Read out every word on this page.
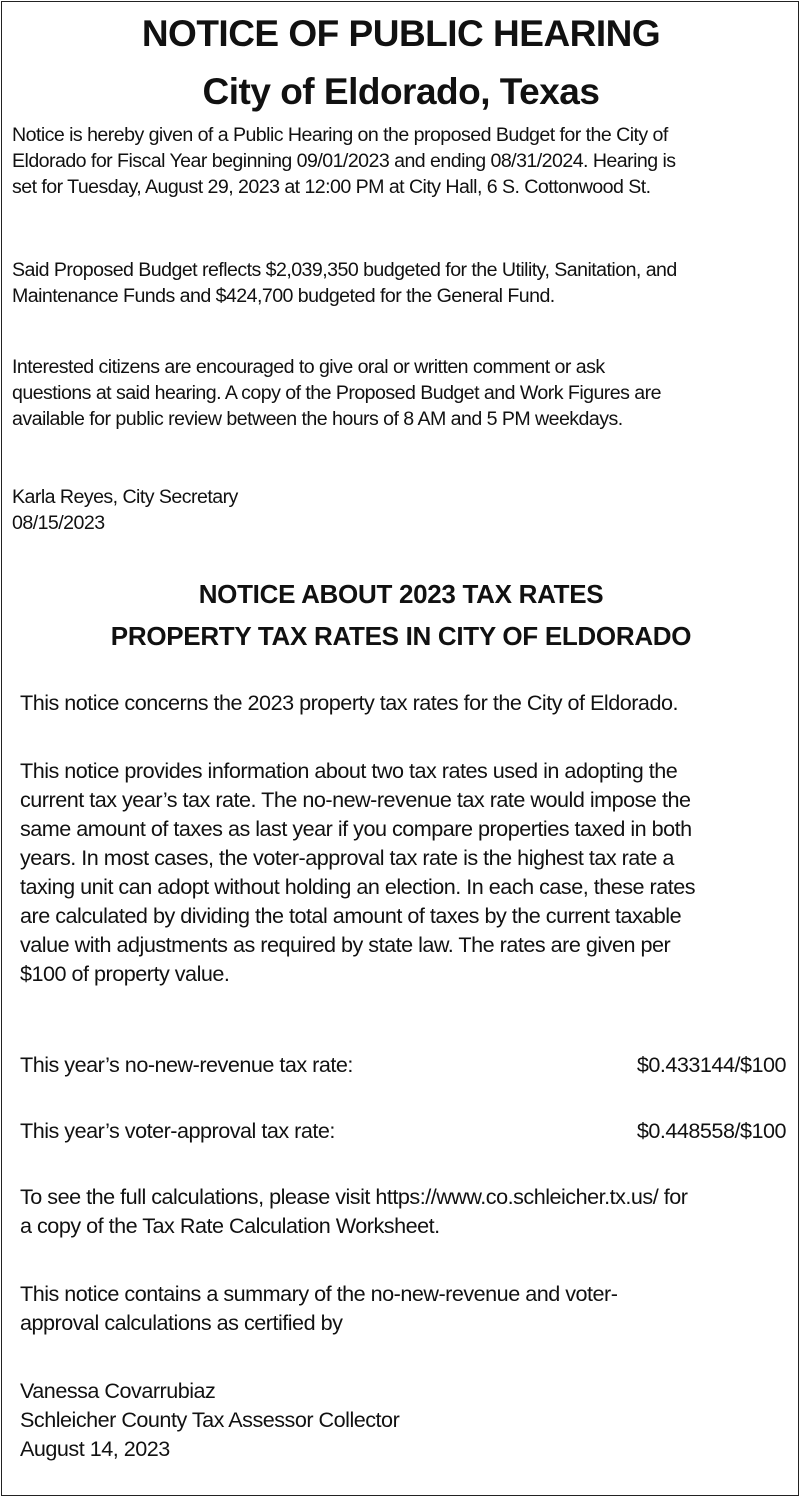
NOTICE OF PUBLIC HEARING
City of Eldorado, Texas

Notice is hereby given of a Public Hearing on the proposed Budget for the City of
Eldorado for Fiscal Year beginning 09/01/2023 and ending 08/31/2024. Hearing is
set for Tuesday, August 29, 2023 at 12:00 PM at City Hall, 6 S. Cottonwood St.

Said Proposed Budget reflects $2,039,350 budgeted for the Utility, Sanitation, and
Maintenance Funds and $424,700 budgeted for the General Fund.

Interested citizens are encouraged to give oral or written comment or ask
questions at said hearing. A copy of the Proposed Budget and Work Figures are
available for public review between the hours of 8 AM and 5 PM weekdays.

Karla Reyes, City Secretary
08/15/2023

NOTICE ABOUT 2023 TAX RATES
PROPERTY TAX RATES IN CITY OF ELDORADO

This notice concerns the 2023 property tax rates for the City of Eldorado.

This notice provides information about two tax rates used in adopting the
current tax year’s tax rate. The no-new-revenue tax rate would impose the
same amount of taxes as last year if you compare properties taxed in both
years. In most cases, the voter-approval tax rate is the highest tax rate a
taxing unit can adopt without holding an election. In each case, these rates
are calculated by dividing the total amount of taxes by the current taxable
value with adjustments as required by state law. The rates are given per
$100 of property value.

This year’s no-new-revenue tax rate:	$0.433144/$100
This year’s voter-approval tax rate:	$0.448558/$100

To see the full calculations, please visit https://www.co.schleicher.tx.us/ for
a copy of the Tax Rate Calculation Worksheet.

This notice contains a summary of the no-new-revenue and voter-
approval calculations as certified by

Vanessa Covarrubiaz
Schleicher County Tax Assessor Collector
August 14, 2023
